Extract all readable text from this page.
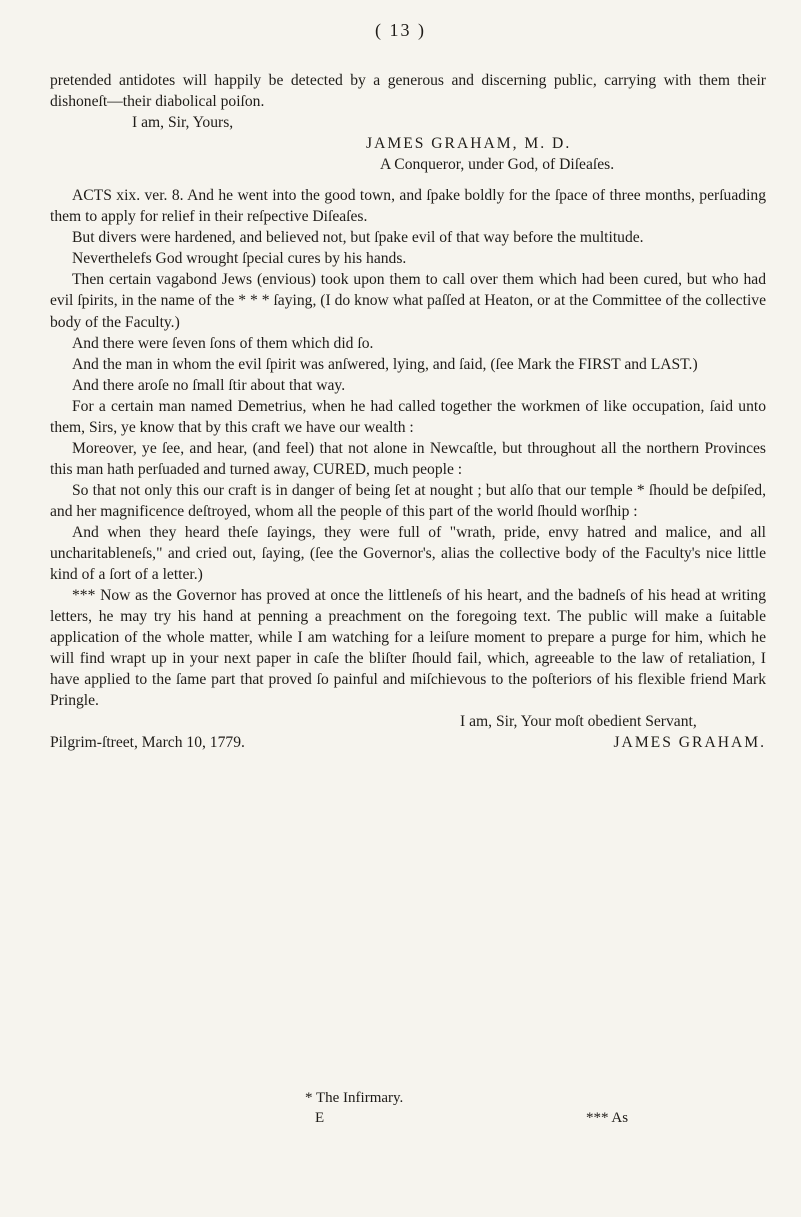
( 13 )

pretended antidotes will happily be detected by a generous and discerning public, carrying with them their dishoneſt—their diabolical poiſon.

I am, Sir, Yours,
JAMES GRAHAM, M. D.
A Conqueror, under God, of Diſeaſes.

ACTS xix. ver. 8. And he went into the good town, and ſpake boldly for the ſpace of three months, perſuading them to apply for relief in their reſpective Diſeaſes.

But divers were hardened, and believed not, but ſpake evil of that way before the multitude.

Neverthelefs God wrought ſpecial cures by his hands.

Then certain vagabond Jews (envious) took upon them to call over them which had been cured, but who had evil ſpirits, in the name of the * * * ſaying, (I do know what paſſed at Heaton, or at the Committee of the collective body of the Faculty.)

And there were ſeven ſons of them which did ſo.

And the man in whom the evil ſpirit was anſwered, lying, and ſaid, (ſee Mark the FIRST and LAST.)

And there aroſe no ſmall ſtir about that way.

For a certain man named Demetrius, when he had called together the workmen of like occupation, ſaid unto them, Sirs, ye know that by this craft we have our wealth :

Moreover, ye ſee, and hear, (and feel) that not alone in Newcaſtle, but throughout all the northern Provinces this man hath perſuaded and turned away, CURED, much people :

So that not only this our craft is in danger of being ſet at nought ; but alſo that our temple * ſhould be deſpiſed, and her magnificence deſtroyed, whom all the people of this part of the world ſhould worſhip :

And when they heard theſe ſayings, they were full of "wrath, pride, envy hatred and malice, and all uncharitableneſs," and cried out, ſaying, (ſee the Governor's, alias the collective body of the Faculty's nice little kind of a ſort of a letter.)

*** Now as the Governor has proved at once the littleneſs of his heart, and the badneſs of his head at writing letters, he may try his hand at penning a preachment on the foregoing text. The public will make a ſuitable application of the whole matter, while I am watching for a leiſure moment to prepare a purge for him, which he will find wrapt up in your next paper in caſe the bliſter ſhould fail, which, agreeable to the law of retaliation, I have applied to the ſame part that proved ſo painful and miſchievous to the poſteriors of his flexible friend Mark Pringle.

I am, Sir, Your moſt obedient Servant,
Pilgrim-ſtreet, March 10, 1779.	JAMES GRAHAM.
* The Infirmary.
E	*** As
